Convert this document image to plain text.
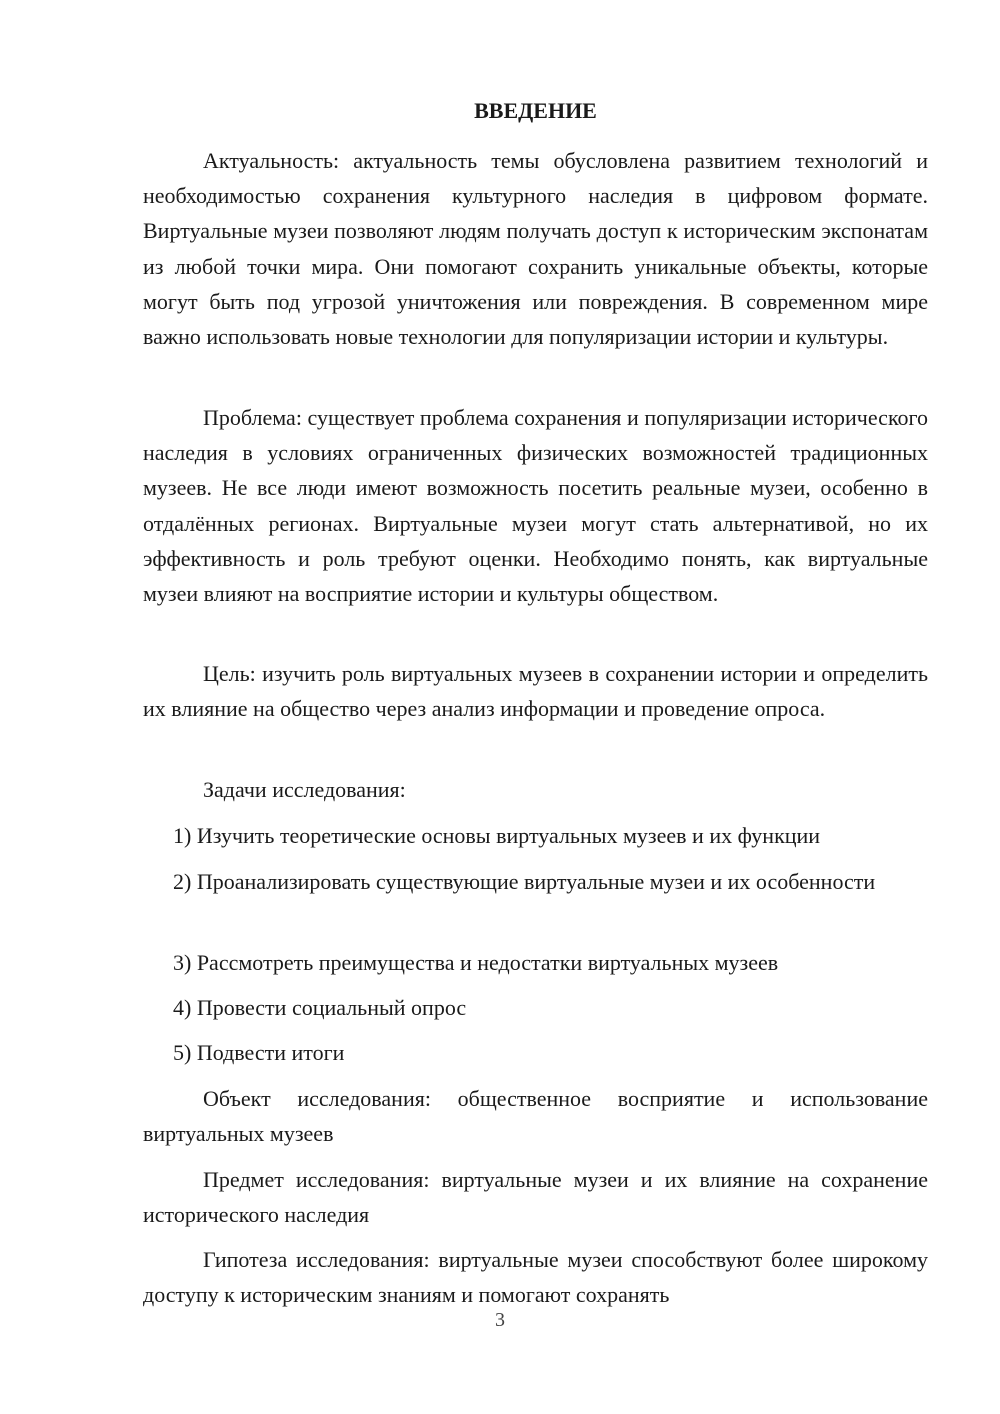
ВВЕДЕНИЕ

Актуальность: актуальность темы обусловлена развитием технологий и необходимостью сохранения культурного наследия в цифровом формате. Виртуальные музеи позволяют людям получать доступ к историческим экспонатам из любой точки мира. Они помогают сохранить уникальные объекты, которые могут быть под угрозой уничтожения или повреждения. В современном мире важно использовать новые технологии для популяризации истории и культуры.

Проблема: существует проблема сохранения и популяризации исторического наследия в условиях ограниченных физических возможностей традиционных музеев. Не все люди имеют возможность посетить реальные музеи, особенно в отдалённых регионах. Виртуальные музеи могут стать альтернативой, но их эффективность и роль требуют оценки. Необходимо понять, как виртуальные музеи влияют на восприятие истории и культуры обществом.

Цель: изучить роль виртуальных музеев в сохранении истории и определить их влияние на общество через анализ информации и проведение опроса.

Задачи исследования:

1) Изучить теоретические основы виртуальных музеев и их функции

2) Проанализировать существующие виртуальные музеи и их особенности

3) Рассмотреть преимущества и недостатки виртуальных музеев

4) Провести социальный опрос

5) Подвести итоги

Объект исследования: общественное восприятие и использование виртуальных музеев

Предмет исследования: виртуальные музеи и их влияние на сохранение исторического наследия

Гипотеза исследования: виртуальные музеи способствуют более широкому доступу к историческим знаниям и помогают сохранять

3
